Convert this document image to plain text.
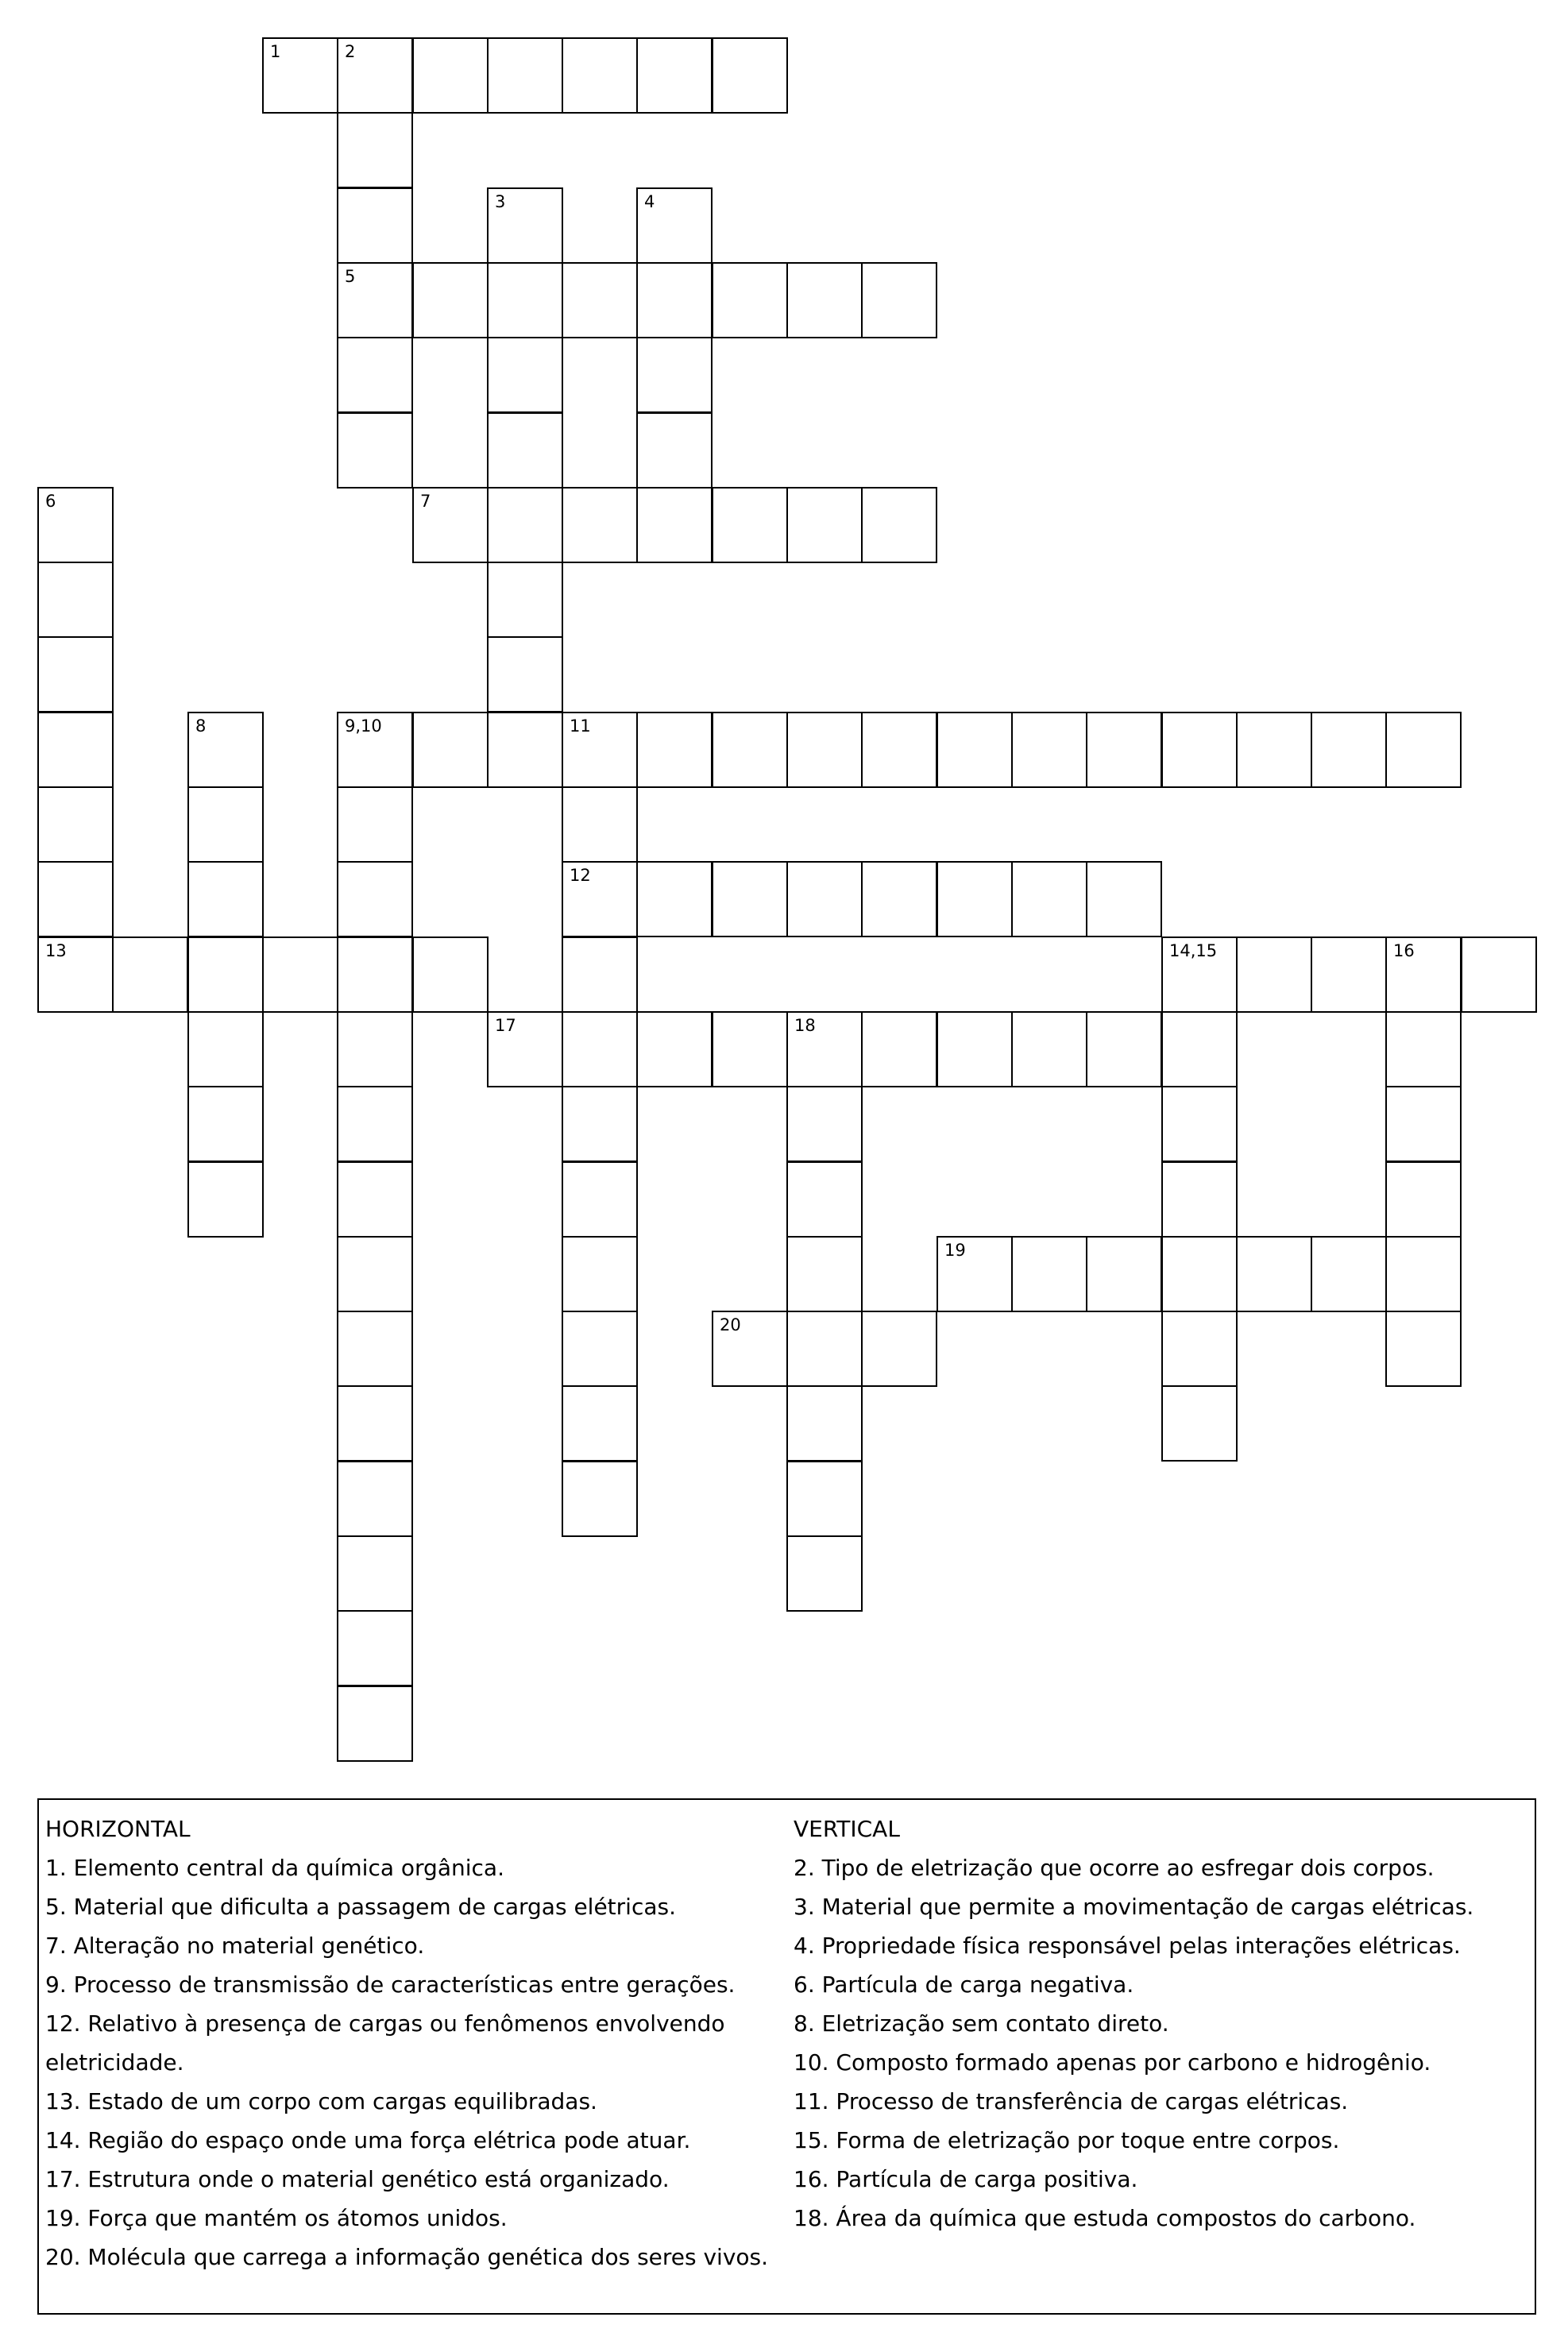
1	2
3	4
5
6	7
8	9,10	11
12
13	14,15	16
17	18
19
20

HORIZONTAL

1. Elemento central da química orgânica.

5. Material que dificulta a passagem de cargas elétricas.

7. Alteração no material genético.

9. Processo de transmissão de características entre gerações.

12. Relativo à presença de cargas ou fenômenos envolvendo eletricidade.

13. Estado de um corpo com cargas equilibradas.

14. Região do espaço onde uma força elétrica pode atuar.

17. Estrutura onde o material genético está organizado.

19. Força que mantém os átomos unidos.

20. Molécula que carrega a informação genética dos seres vivos.

VERTICAL

2. Tipo de eletrização que ocorre ao esfregar dois corpos.

3. Material que permite a movimentação de cargas elétricas.

4. Propriedade física responsável pelas interações elétricas.

6. Partícula de carga negativa.

8. Eletrização sem contato direto.

10. Composto formado apenas por carbono e hidrogênio.

11. Processo de transferência de cargas elétricas.

15. Forma de eletrização por toque entre corpos.

16. Partícula de carga positiva.

18. Área da química que estuda compostos do carbono.
